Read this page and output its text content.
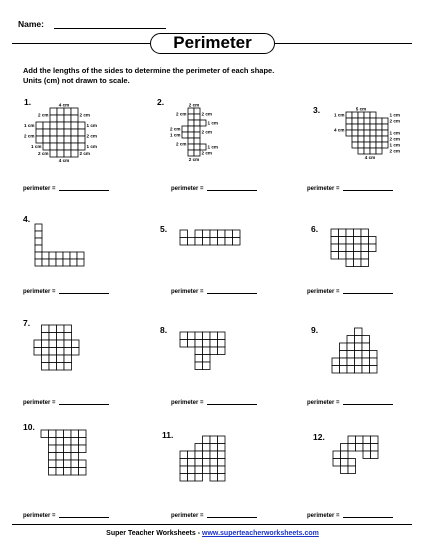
Name:
Perimeter
Add the lengths of the sides to determine the perimeter of each shape.
Units (cm) not drawn to scale.
1.	4 cm
2 cm	2 cm
1 cm	1 cm
2 cm	2 cm
1 cm	1 cm
2 cm	2 cm
4 cm
perimeter =
2.	2 cm
2 cm	2 cm
1 cm
2 cm
1 cm
2 cm
2 cm
1 cm
2 cm
2 cm
perimeter =
3.	5 cm
1 cm	1 cm
2 cm
4 cm
1 cm
2 cm
1 cm
2 cm
4 cm
perimeter =
4.
perimeter =
5.
perimeter =
6.
perimeter =
7.
perimeter =
8.
perimeter =
9.
perimeter =
10.
perimeter =
11.
perimeter =
12.
perimeter =
Super Teacher Worksheets - www.superteacherworksheets.com
